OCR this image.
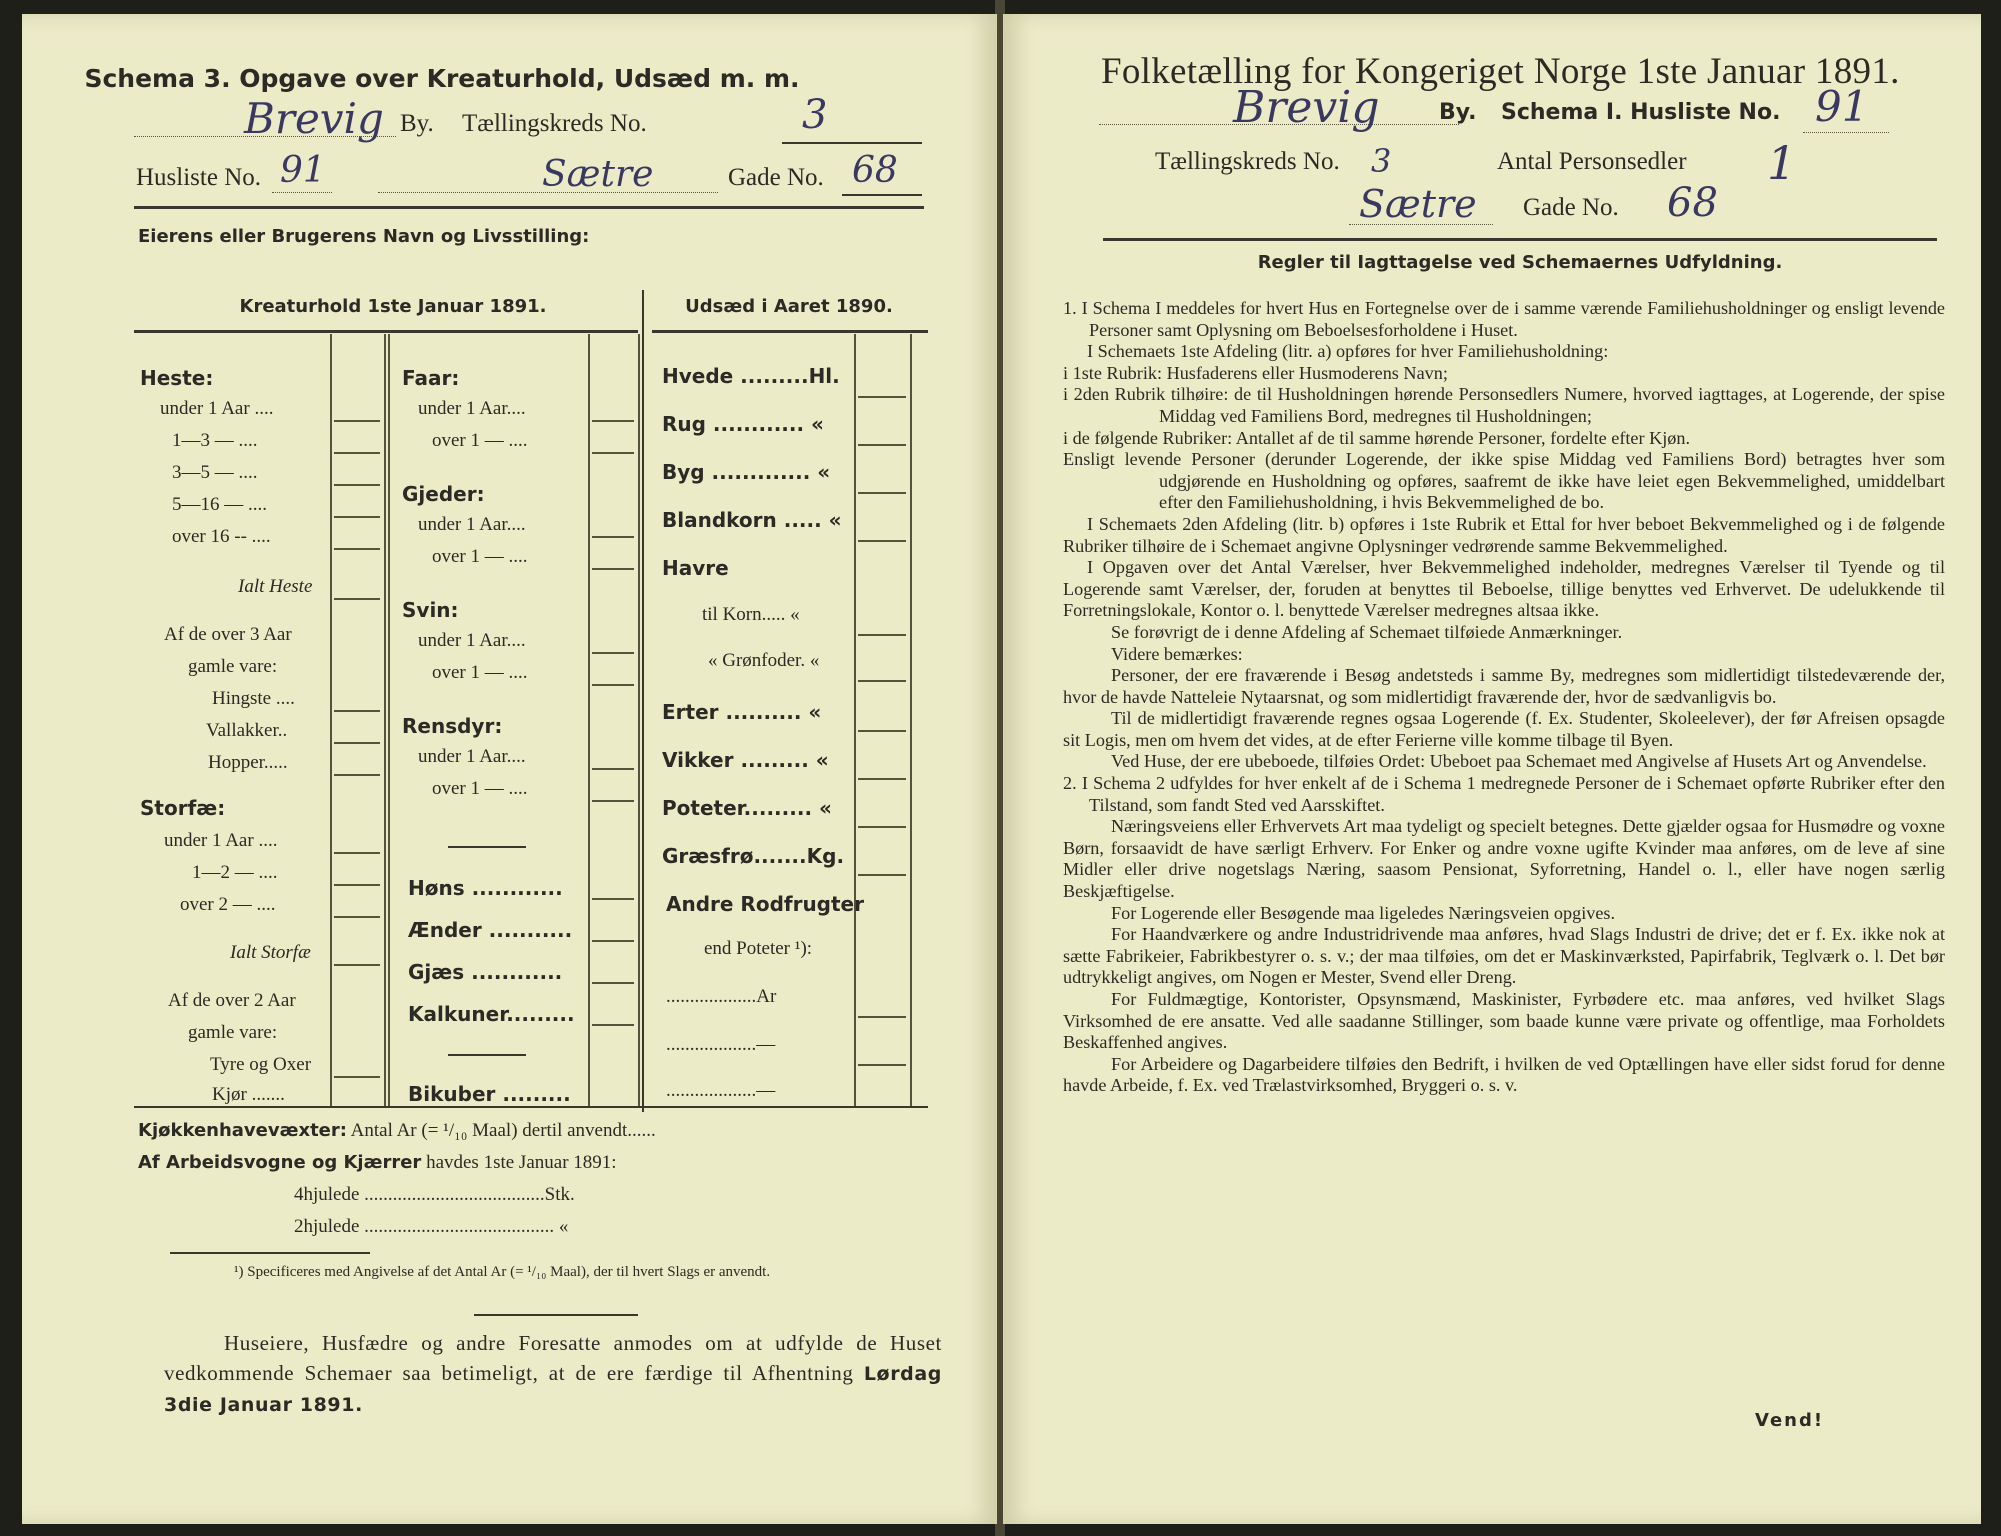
Schema 3. Opgave over Kreaturhold, Udsæd m. m.
Brevig By. Tællingskreds No.	3
Husliste No. 91	Sætre	Gade No. 68
Eierens eller Brugerens Navn og Livsstilling:
Kreaturhold 1ste Januar 1891.	Udsæd i Aaret 1890.
Heste:
under 1 Aar ....
1—3 — ....
3—5 — ....
5—16 — ....
over 16 -- ....
Ialt Heste
Af de over 3 Aar
gamle vare:
Hingste ....
Vallakker..
Hopper.....
Storfæ:
under 1 Aar ....
1—2 — ....
over 2 — ....
Ialt Storfæ
Af de over 2 Aar
gamle vare:
Tyre og Oxer
Kjør .......
Faar:
under 1 Aar....
over 1 — ....
Gjeder:
under 1 Aar....
over 1 — ....
Svin:
under 1 Aar....
over 1 — ....
Rensdyr:
under 1 Aar....
over 1 — ....
Høns ............
Ænder ...........
Gjæs ............
Kalkuner.........
Bikuber .........
Hvede .........Hl.
Rug ............ «
Byg ............. «
Blandkorn ..... «
Havre
til Korn..... «
« Grønfoder. «
Erter .......... «
Vikker ......... «
Poteter......... «
Græsfrø.......Kg.
Andre Rodfrugter
end Poteter ¹):
...................Ar
...................—
...................—
Kjøkkenhavevæxter: Antal Ar (= ¹/₁₀ Maal) dertil anvendt......
Af Arbeidsvogne og Kjærrer havdes 1ste Januar 1891:
4hjulede ......................................Stk.
2hjulede ........................................ «
¹) Specificeres med Angivelse af det Antal Ar (= ¹/₁₀ Maal), der til hvert Slags er anvendt.
Huseiere, Husfædre og andre Foresatte anmodes om at udfylde de Huset vedkommende Schemaer saa betimeligt, at de ere færdige til Afhentning Lørdag 3die Januar 1891.
Folketælling for Kongeriget Norge 1ste Januar 1891.
Brevig	By. Schema I. Husliste No. 91
Tællingskreds No. 3	Antal Personsedler 1
Sætre Gade No. 68
Regler til Iagttagelse ved Schemaernes Udfyldning.

1. I Schema I meddeles for hvert Hus en Fortegnelse over de i samme værende Familiehusholdninger og ensligt levende Personer samt Oplysning om Beboelsesforholdene i Huset.

I Schemaets 1ste Afdeling (litr. a) opføres for hver Familiehusholdning:

i 1ste Rubrik: Husfaderens eller Husmoderens Navn;

i 2den Rubrik tilhøire: de til Husholdningen hørende Personsedlers Numere, hvorved iagttages, at Logerende, der spise Middag ved Familiens Bord, medregnes til Husholdningen;

i de følgende Rubriker: Antallet af de til samme hørende Personer, fordelte efter Kjøn.

Ensligt levende Personer (derunder Logerende, der ikke spise Middag ved Familiens Bord) betragtes hver som udgjørende en Husholdning og opføres, saafremt de ikke have leiet egen Bekvemmelighed, umiddelbart efter den Familiehusholdning, i hvis Bekvemmelighed de bo.

I Schemaets 2den Afdeling (litr. b) opføres i 1ste Rubrik et Ettal for hver beboet Bekvemmelighed og i de følgende Rubriker tilhøire de i Schemaet angivne Oplysninger vedrørende samme Bekvemmelighed.

I Opgaven over det Antal Værelser, hver Bekvemmelighed indeholder, medregnes Værelser til Tyende og til Logerende samt Værelser, der, foruden at benyttes til Beboelse, tillige benyttes ved Erhvervet. De udelukkende til Forretningslokale, Kontor o. l. benyttede Værelser medregnes altsaa ikke.

Se forøvrigt de i denne Afdeling af Schemaet tilføiede Anmærkninger.

Videre bemærkes:

Personer, der ere fraværende i Besøg andetsteds i samme By, medregnes som midlertidigt tilstedeværende der, hvor de havde Natteleie Nytaarsnat, og som midlertidigt fraværende der, hvor de sædvanligvis bo.

Til de midlertidigt fraværende regnes ogsaa Logerende (f. Ex. Studenter, Skoleelever), der før Afreisen opsagde sit Logis, men om hvem det vides, at de efter Ferierne ville komme tilbage til Byen.

Ved Huse, der ere ubeboede, tilføies Ordet: Ubeboet paa Schemaet med Angivelse af Husets Art og Anvendelse.

2. I Schema 2 udfyldes for hver enkelt af de i Schema 1 medregnede Personer de i Schemaet opførte Rubriker efter den Tilstand, som fandt Sted ved Aarsskiftet.

Næringsveiens eller Erhvervets Art maa tydeligt og specielt betegnes. Dette gjælder ogsaa for Husmødre og voxne Børn, forsaavidt de have særligt Erhverv. For Enker og andre voxne ugifte Kvinder maa anføres, om de leve af sine Midler eller drive nogetslags Næring, saasom Pensionat, Syforretning, Handel o. l., eller have nogen særlig Beskjæftigelse.

For Logerende eller Besøgende maa ligeledes Næringsveien opgives.

For Haandværkere og andre Industridrivende maa anføres, hvad Slags Industri de drive; det er f. Ex. ikke nok at sætte Fabrikeier, Fabrikbestyrer o. s. v.; der maa tilføies, om det er Maskinværksted, Papirfabrik, Teglværk o. l. Det bør udtrykkeligt angives, om Nogen er Mester, Svend eller Dreng.

For Fuldmægtige, Kontorister, Opsynsmænd, Maskinister, Fyrbødere etc. maa anføres, ved hvilket Slags Virksomhed de ere ansatte. Ved alle saadanne Stillinger, som baade kunne være private og offentlige, maa Forholdets Beskaffenhed angives.

For Arbeidere og Dagarbeidere tilføies den Bedrift, i hvilken de ved Optællingen have eller sidst forud for denne havde Arbeide, f. Ex. ved Trælastvirksomhed, Bryggeri o. s. v.

Vend!
